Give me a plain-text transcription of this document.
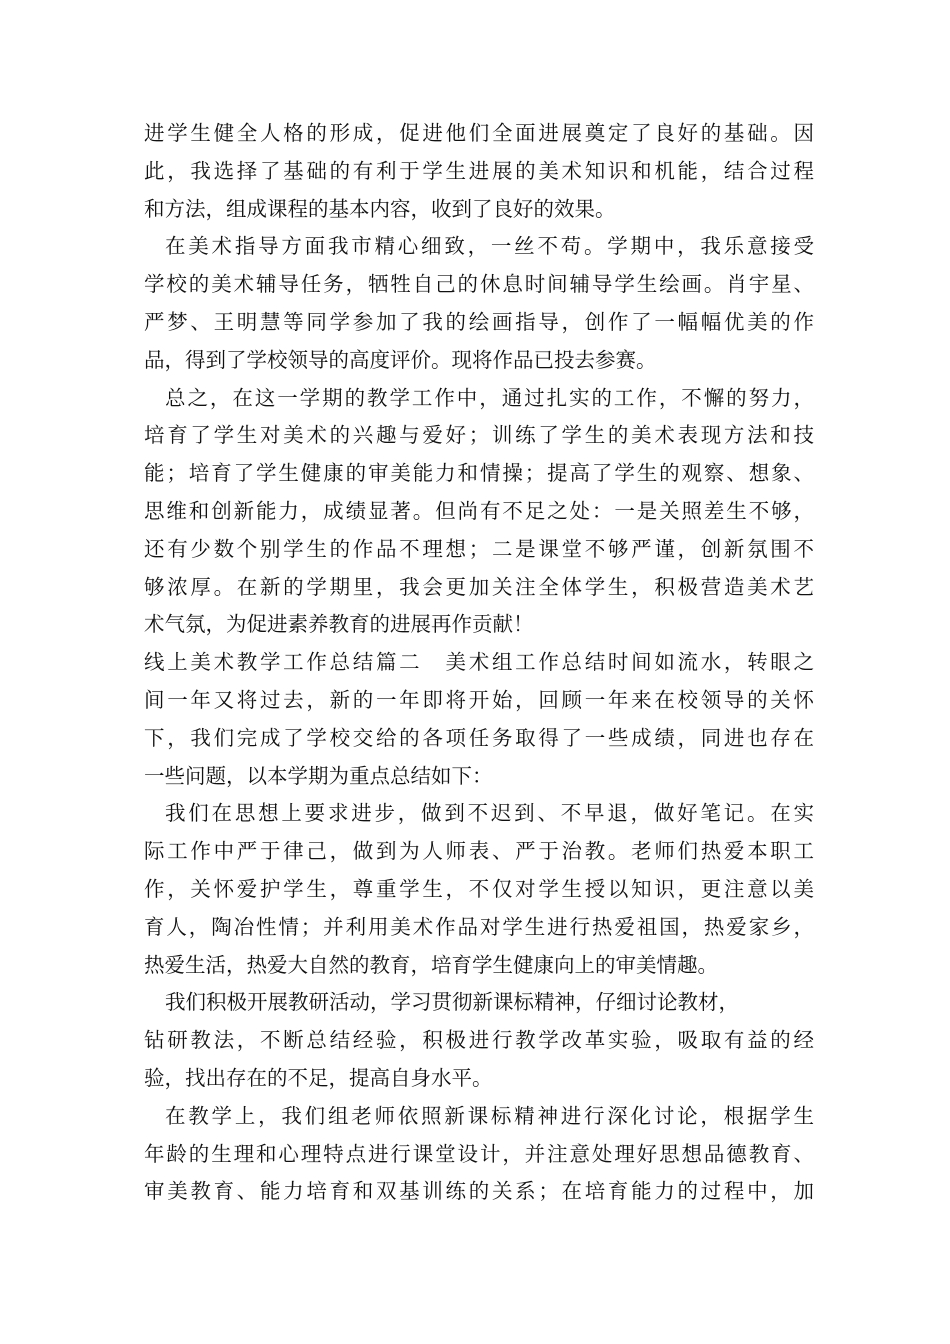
进学生健全人格的形成，促进他们全面进展奠定了良好的基础。因
此，我选择了基础的有利于学生进展的美术知识和机能，结合过程
和方法，组成课程的基本内容，收到了良好的效果。
在美术指导方面我市精心细致，一丝不苟。学期中，我乐意接受
学校的美术辅导任务，牺牲自己的休息时间辅导学生绘画。肖宇星、
严梦、王明慧等同学参加了我的绘画指导，创作了一幅幅优美的作
品，得到了学校领导的高度评价。现将作品已投去参赛。
总之，在这一学期的教学工作中，通过扎实的工作，不懈的努力，
培育了学生对美术的兴趣与爱好；训练了学生的美术表现方法和技
能；培育了学生健康的审美能力和情操；提高了学生的观察、想象、
思维和创新能力，成绩显著。但尚有不足之处：一是关照差生不够，
还有少数个别学生的作品不理想；二是课堂不够严谨，创新氛围不
够浓厚。在新的学期里，我会更加关注全体学生，积极营造美术艺
术气氛，为促进素养教育的进展再作贡献！
线上美术教学工作总结篇二　美术组工作总结时间如流水，转眼之
间一年又将过去，新的一年即将开始，回顾一年来在校领导的关怀
下，我们完成了学校交给的各项任务取得了一些成绩，同进也存在
一些问题，以本学期为重点总结如下：
我们在思想上要求进步，做到不迟到、不早退，做好笔记。在实
际工作中严于律己，做到为人师表、严于治教。老师们热爱本职工
作，关怀爱护学生，尊重学生，不仅对学生授以知识，更注意以美
育人，陶冶性情；并利用美术作品对学生进行热爱祖国，热爱家乡，
热爱生活，热爱大自然的教育，培育学生健康向上的审美情趣。
我们积极开展教研活动，学习贯彻新课标精神，仔细讨论教材，
钻研教法，不断总结经验，积极进行教学改革实验，吸取有益的经
验，找出存在的不足，提高自身水平。
在教学上，我们组老师依照新课标精神进行深化讨论，根据学生
年龄的生理和心理特点进行课堂设计，并注意处理好思想品德教育、
审美教育、能力培育和双基训练的关系；在培育能力的过程中，加
